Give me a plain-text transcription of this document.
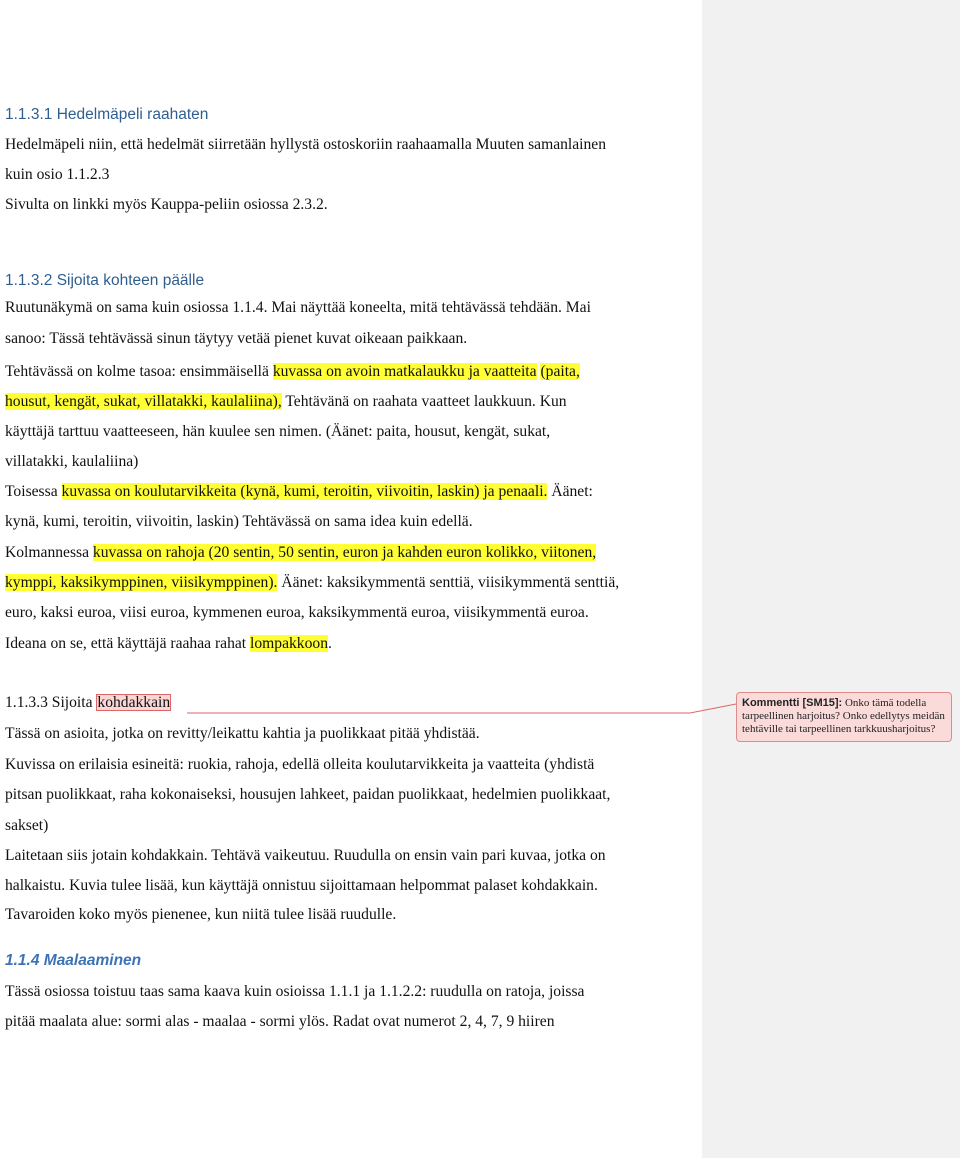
1.1.3.1 Hedelmäpeli raahaten
Hedelmäpeli niin, että hedelmät siirretään hyllystä ostoskoriin raahaamalla Muuten samanlainen
kuin osio 1.1.2.3
Sivulta on linkki myös Kauppa-peliin osiossa 2.3.2.
1.1.3.2 Sijoita kohteen päälle
Ruutunäkymä on sama kuin osiossa 1.1.4. Mai näyttää koneelta, mitä tehtävässä tehdään. Mai
sanoo: Tässä tehtävässä sinun täytyy vetää pienet kuvat oikeaan paikkaan.
Tehtävässä on kolme tasoa: ensimmäisellä kuvassa on avoin matkalaukku ja vaatteita (paita,
housut, kengät, sukat, villatakki, kaulaliina), Tehtävänä on raahata vaatteet laukkuun. Kun
käyttäjä tarttuu vaatteeseen, hän kuulee sen nimen. (Äänet: paita, housut, kengät, sukat,
villatakki, kaulaliina)
Toisessa kuvassa on koulutarvikkeita (kynä, kumi, teroitin, viivoitin, laskin) ja penaali. Äänet:
kynä, kumi, teroitin, viivoitin, laskin) Tehtävässä on sama idea kuin edellä.
Kolmannessa kuvassa on rahoja (20 sentin, 50 sentin, euron ja kahden euron kolikko, viitonen,
kymppi, kaksikymppinen, viisikymppinen). Äänet: kaksikymmentä senttiä, viisikymmentä senttiä,
euro, kaksi euroa, viisi euroa, kymmenen euroa, kaksikymmentä euroa, viisikymmentä euroa.
Ideana on se, että käyttäjä raahaa rahat lompakkoon.
1.1.3.3 Sijoita kohdakkain
Tässä on asioita, jotka on revitty/leikattu kahtia ja puolikkaat pitää yhdistää.
Kuvissa on erilaisia esineitä: ruokia, rahoja, edellä olleita koulutarvikkeita ja vaatteita (yhdistä
pitsan puolikkaat, raha kokonaiseksi, housujen lahkeet, paidan puolikkaat, hedelmien puolikkaat,
sakset)
Laitetaan siis jotain kohdakkain. Tehtävä vaikeutuu. Ruudulla on ensin vain pari kuvaa, jotka on
halkaistu. Kuvia tulee lisää, kun käyttäjä onnistuu sijoittamaan helpommat palaset kohdakkain.
Tavaroiden koko myös pienenee, kun niitä tulee lisää ruudulle.
1.1.4 Maalaaminen
Tässä osiossa toistuu taas sama kaava kuin osioissa 1.1.1 ja 1.1.2.2: ruudulla on ratoja, joissa
pitää maalata alue: sormi alas - maalaa - sormi ylös. Radat ovat numerot 2, 4, 7, 9 hiiren
Kommentti [SM15]: Onko tämä todella tarpeellinen harjoitus? Onko edellytys meidän tehtäville tai tarpeellinen tarkkuusharjoitus?
